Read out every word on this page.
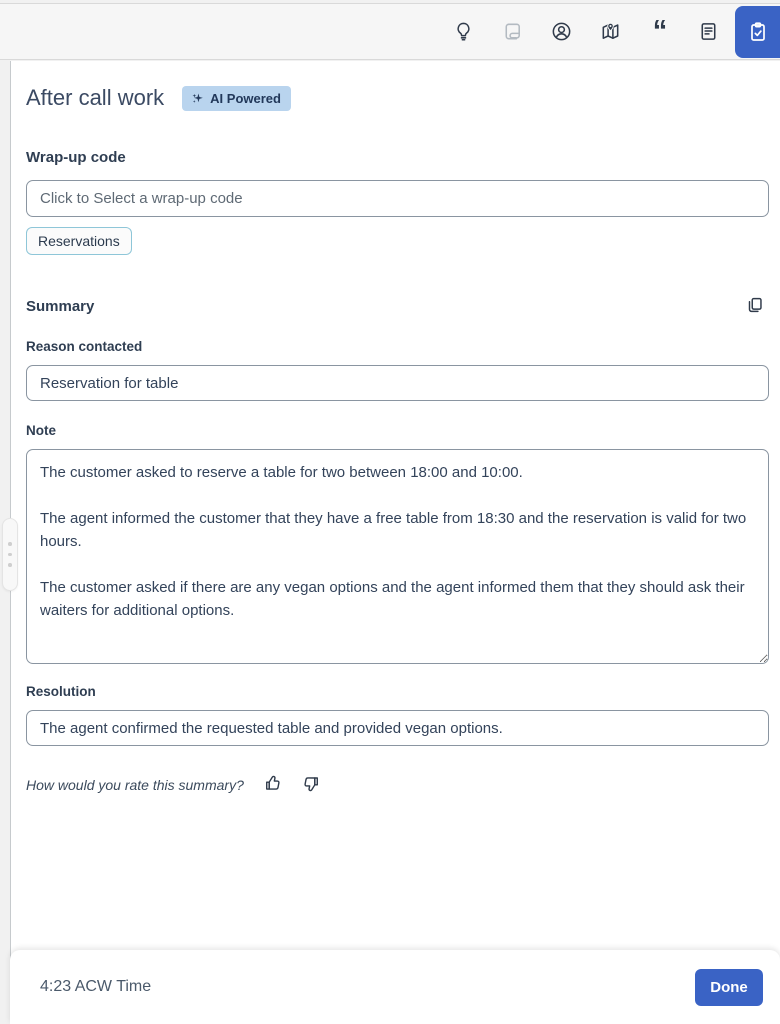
“
After call work	AI Powered
Wrap-up code
Click to Select a wrap-up code
Reservations
Summary
Reason contacted
Reservation for table
Note
The customer asked to reserve a table for two between 18:00 and 10:00. The agent informed the customer that they have a free table from 18:30 and the reservation is valid for two hours. The customer asked if there are any vegan options and the agent informed them that they should ask their waiters for additional options.
Resolution
The agent confirmed the requested table and provided vegan options.
How would you rate this summary?
4:23 ACW Time	Done
